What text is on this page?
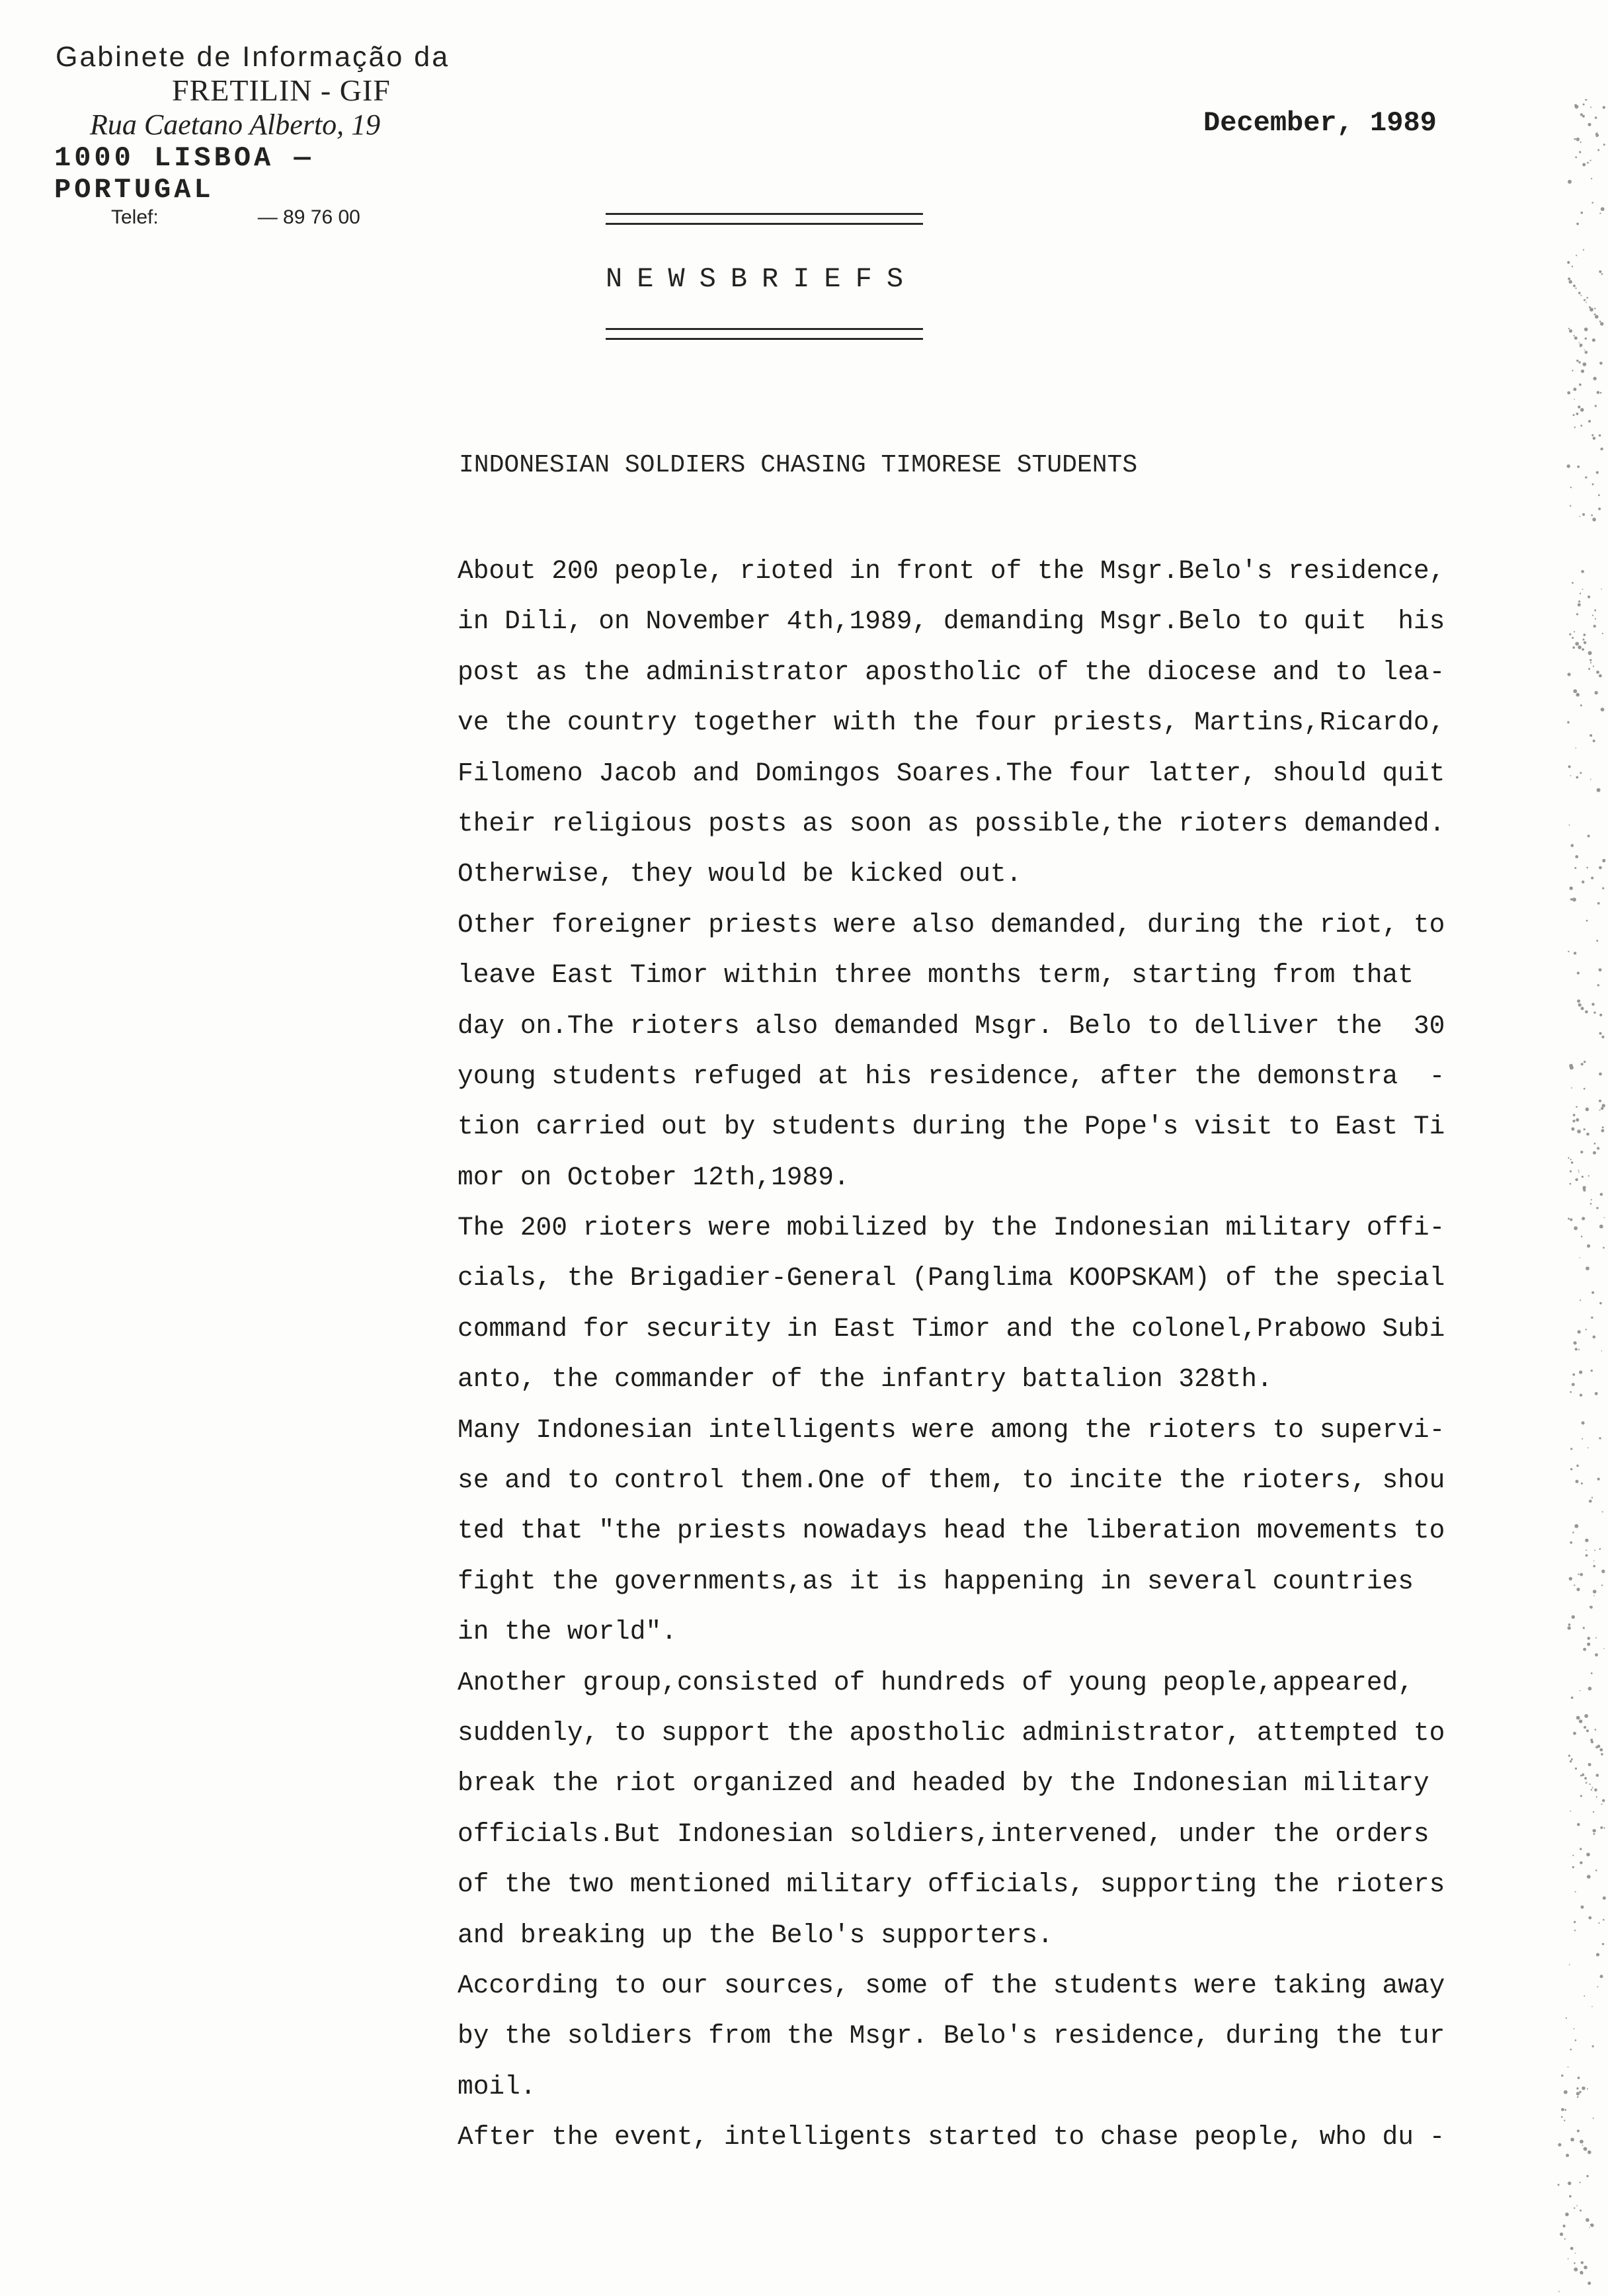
Gabinete de Informação da
FRETILIN - GIF
Rua Caetano Alberto, 19
1000 LISBOA — PORTUGAL
Telef:	— 89 76 00
December, 1989
NEWSBRIEFS
INDONESIAN SOLDIERS CHASING TIMORESE STUDENTS
About 200 people, rioted in front of the Msgr.Belo's residence,
in Dili, on November 4th,1989, demanding Msgr.Belo to quit  his
post as the administrator apostholic of the diocese and to lea-
ve the country together with the four priests, Martins,Ricardo,
Filomeno Jacob and Domingos Soares.The four latter, should quit
their religious posts as soon as possible,the rioters demanded.
Otherwise, they would be kicked out.
Other foreigner priests were also demanded, during the riot, to
leave East Timor within three months term, starting from that
day on.The rioters also demanded Msgr. Belo to delliver the  30
young students refuged at his residence, after the demonstra  -
tion carried out by students during the Pope's visit to East Ti
mor on October 12th,1989.
The 200 rioters were mobilized by the Indonesian military offi-
cials, the Brigadier-General (Panglima KOOPSKAM) of the special
command for security in East Timor and the colonel,Prabowo Subi
anto, the commander of the infantry battalion 328th.
Many Indonesian intelligents were among the rioters to supervi-
se and to control them.One of them, to incite the rioters, shou
ted that "the priests nowadays head the liberation movements to
fight the governments,as it is happening in several countries
in the world".
Another group,consisted of hundreds of young people,appeared,
suddenly, to support the apostholic administrator, attempted to
break the riot organized and headed by the Indonesian military
officials.But Indonesian soldiers,intervened, under the orders
of the two mentioned military officials, supporting the rioters
and breaking up the Belo's supporters.
According to our sources, some of the students were taking away
by the soldiers from the Msgr. Belo's residence, during the tur
moil.
After the event, intelligents started to chase people, who du -
